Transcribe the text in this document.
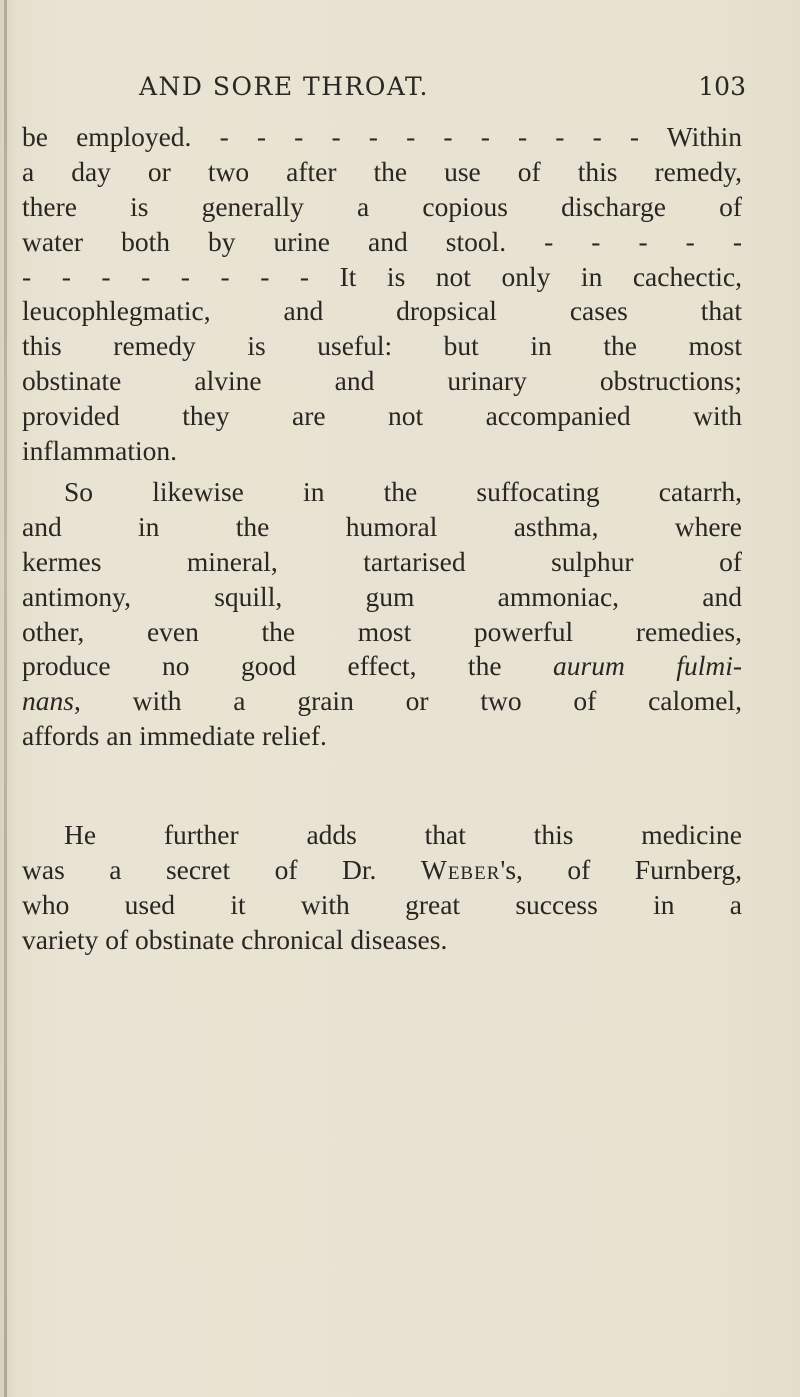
AND SORE THROAT.	103
be employed. - - - - - - - - - - - - Within
a day or two after the use of this remedy,
there is generally a copious discharge of
water both by urine and stool. - - - - -
- - - - - - - - It is not only in cachectic,
leucophlegmatic, and dropsical cases that
this remedy is useful: but in the most
obstinate alvine and urinary obstructions;
provided they are not accompanied with
inflammation.
So likewise in the suffocating catarrh,
and in the humoral asthma, where
kermes mineral, tartarised sulphur of
antimony, squill, gum ammoniac, and
other, even the most powerful remedies,
produce no good effect, the aurum fulmi-
nans, with a grain or two of calomel,
affords an immediate relief.
He further adds that this medicine
was a secret of Dr. Weber's, of Furnberg,
who used it with great success in a
variety of obstinate chronical diseases.
